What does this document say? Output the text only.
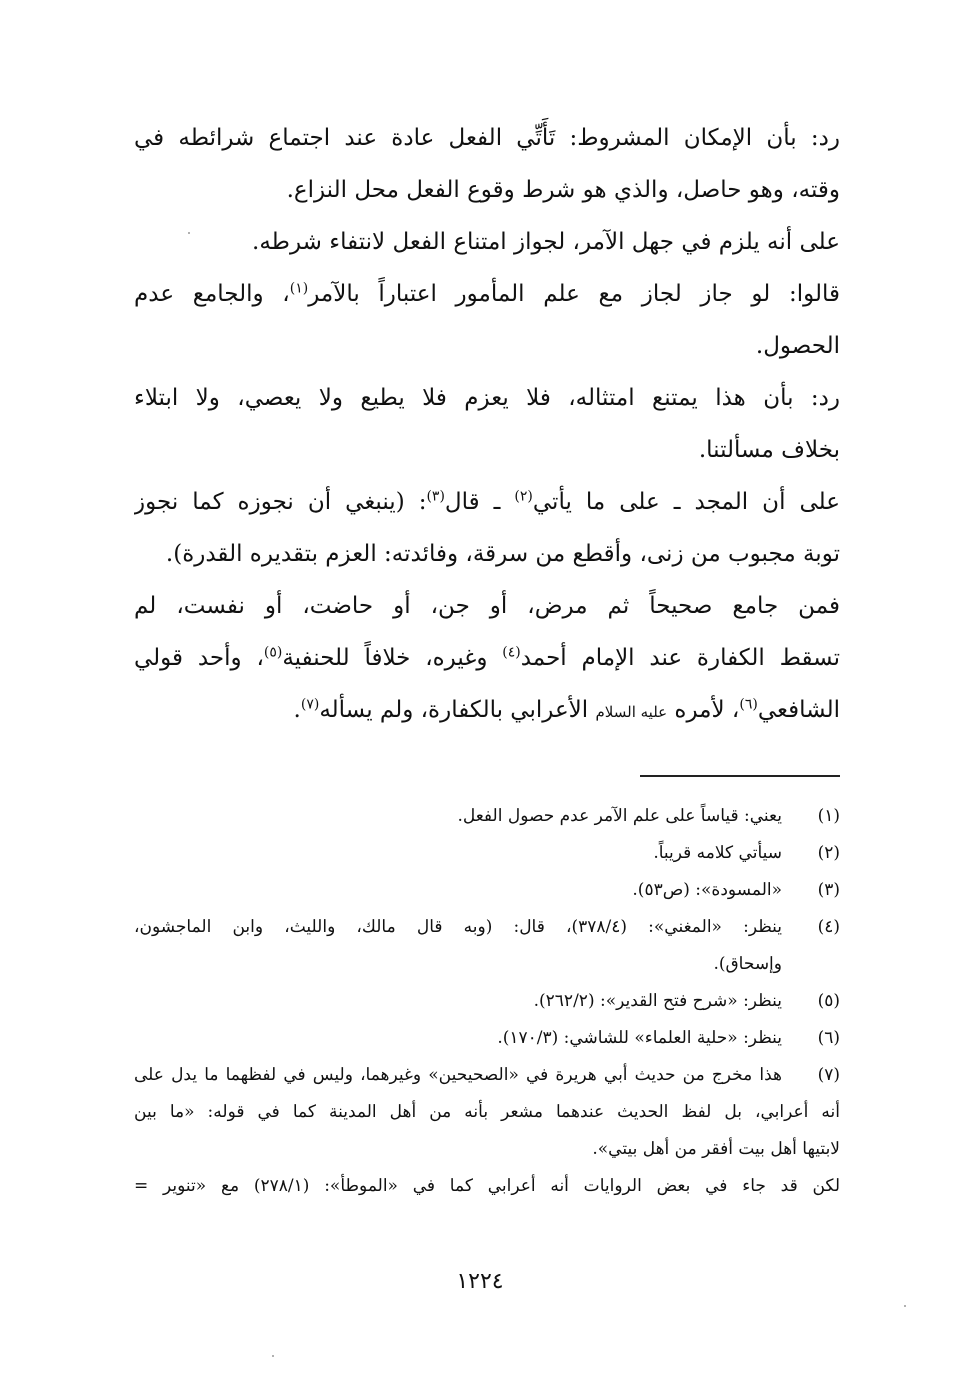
رد: بأن الإمكان المشروط: تَأَتِّي الفعل عادة عند اجتماع شرائطه في
وقته، وهو حاصل، والذي هو شرط وقوع الفعل محل النزاع.
على أنه يلزم في جهل الآمر، لجواز امتناع الفعل لانتفاء شرطه.
قالوا: لو جاز لجاز مع علم المأمور اعتباراً بالآمر$^{(١)}$، والجامع عدم
الحصول.
رد: بأن هذا يمتنع امتثاله، فلا يعزم فلا يطيع ولا يعصي، ولا ابتلاء
بخلاف مسألتنا.
على أن المجد ـ على ما يأتي$^{(٢)}$ ـ قال$^{(٣)}$: (ينبغي أن نجوزه كما نجوز
توبة مجبوب من زنى، وأقطع من سرقة، وفائدته: العزم بتقديره القدرة).
فمن جامع صحيحاً ثم مرض، أو جن، أو حاضت، أو نفست، لم
تسقط الكفارة عند الإمام أحمد$^{(٤)}$ وغيره، خلافاً للحنفية$^{(٥)}$، وأحد قولي
الشافعي$^{(٦)}$، لأمره عليه السلام الأعرابي بالكفارة، ولم يسأله$^{(٧)}$.
(١)
يعني: قياساً على علم الآمر عدم حصول الفعل.
(٢)
سيأتي كلامه قريباً.
(٣)
«المسودة»: (ص٥٣).
(٤)
ينظر: «المغني»: (٣٧٨/٤)، قال: (وبه قال مالك، والليث، وابن الماجشون،
وإسحاق).
(٥)
ينظر: «شرح فتح القدير»: (٢٦٢/٢).
(٦)
ينظر: «حلية العلماء» للشاشي: (١٧٠/٣).
(٧)
هذا مخرج من حديث أبي هريرة في «الصحيحين» وغيرهما، وليس في لفظهما ما يدل على
أنه أعرابي، بل لفظ الحديث عندهما مشعر بأنه من أهل المدينة كما في قوله: «ما بين
لابتيها أهل بيت أفقر من أهل بيتي».
لكن قد جاء في بعض الروايات أنه أعرابي كما في «الموطأ»: (٢٧٨/١) مع «تنوير =
١٢٢٤
